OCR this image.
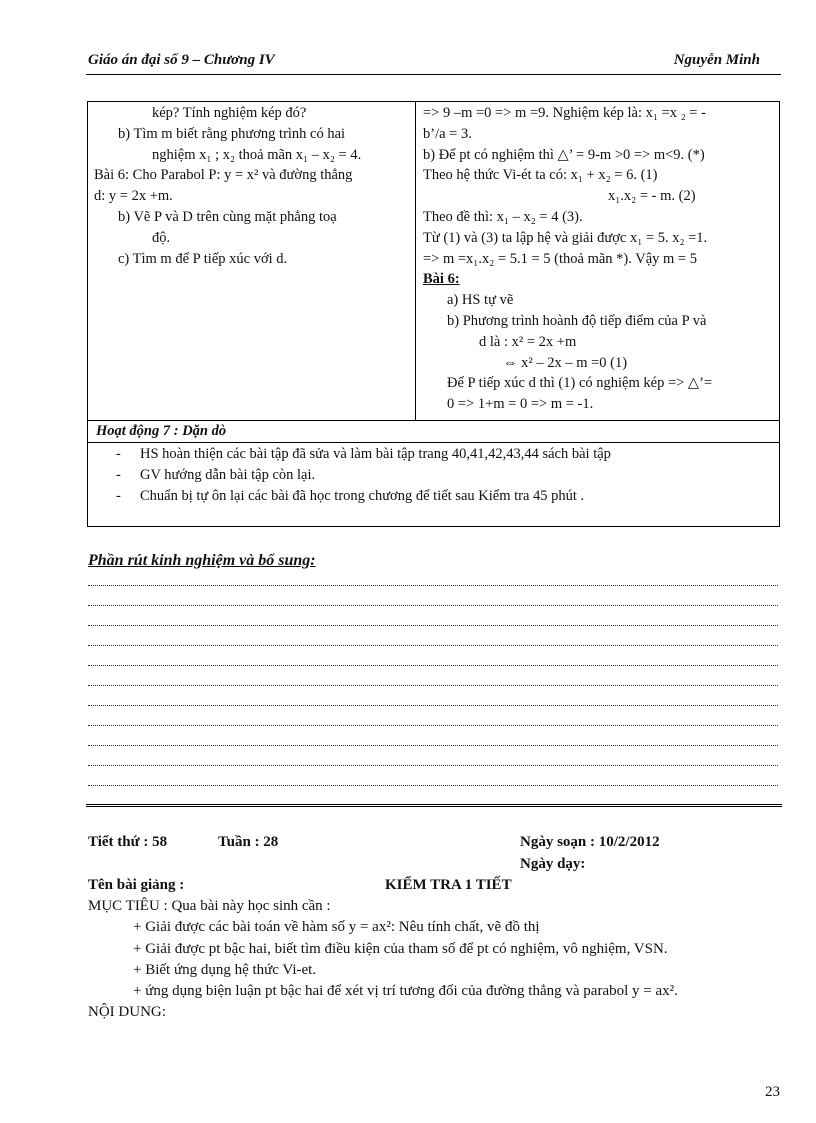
Giáo án đại số 9 – Chương IV	Nguyễn Minh
kép? Tính nghiệm kép đó?
b) Tìm m biết rằng phương trình có hai
nghiệm x₁ ; x₂ thoả mãn x₁ – x₂ = 4.
Bài 6: Cho Parabol P: y = x² và đường thẳng
d: y = 2x +m.
b) Vẽ P và D trên cùng mặt phẳng toạ
độ.
c) Tìm m để P tiếp xúc với d.
=> 9 –m =0 => m =9. Nghiệm kép là: x₁ =x ₂ = -
b’/a = 3.
b) Để pt có nghiệm thì △’ = 9-m >0 => m<9. (*)
Theo hệ thức Vi-ét ta có: x₁ + x₂ = 6. (1)
x₁.x₂ = - m. (2)
Theo đề thì: x₁ – x₂ = 4 (3).
Từ (1) và (3) ta lập hệ và giải được x₁ = 5. x₂ =1.
=> m =x₁.x₂ = 5.1 = 5 (thoả mãn *). Vậy m = 5
Bài 6:
a) HS tự vẽ
b) Phương trình hoành độ tiếp điểm của P và
d là : x² = 2x +m
⇔ x² – 2x – m =0 (1)
Để P tiếp xúc d thì (1) có nghiệm kép => △’=
0 => 1+m = 0 => m = -1.
Hoạt động 7 : Dặn dò
- HS hoàn thiện các bài tập đã sửa và làm bài tập trang 40,41,42,43,44 sách bài tập
- GV hướng dẫn bài tập còn lại.
- Chuẩn bị tự ôn lại các bài đã học trong chương để tiết sau Kiểm tra 45 phút .
Phần rút kinh nghiệm và bổ sung:
Tiết thứ : 58	Tuần : 28	Ngày soạn : 10/2/2012
Ngày dạy:
Tên bài giảng :	KIỂM TRA 1 TIẾT
MỤC TIÊU : Qua bài này học sinh cần :
+ Giải được các bài toán về hàm số y = ax²: Nêu tính chất, vẽ đồ thị
+ Giải được pt bậc hai, biết tìm điều kiện của tham số để pt có nghiệm, vô nghiệm, VSN.
+ Biết ứng dụng hệ thức Vi-et.
+ ứng dụng biện luận pt bậc hai để xét vị trí tương đối của đường thẳng và parabol y = ax².
NỘI DUNG:
23
